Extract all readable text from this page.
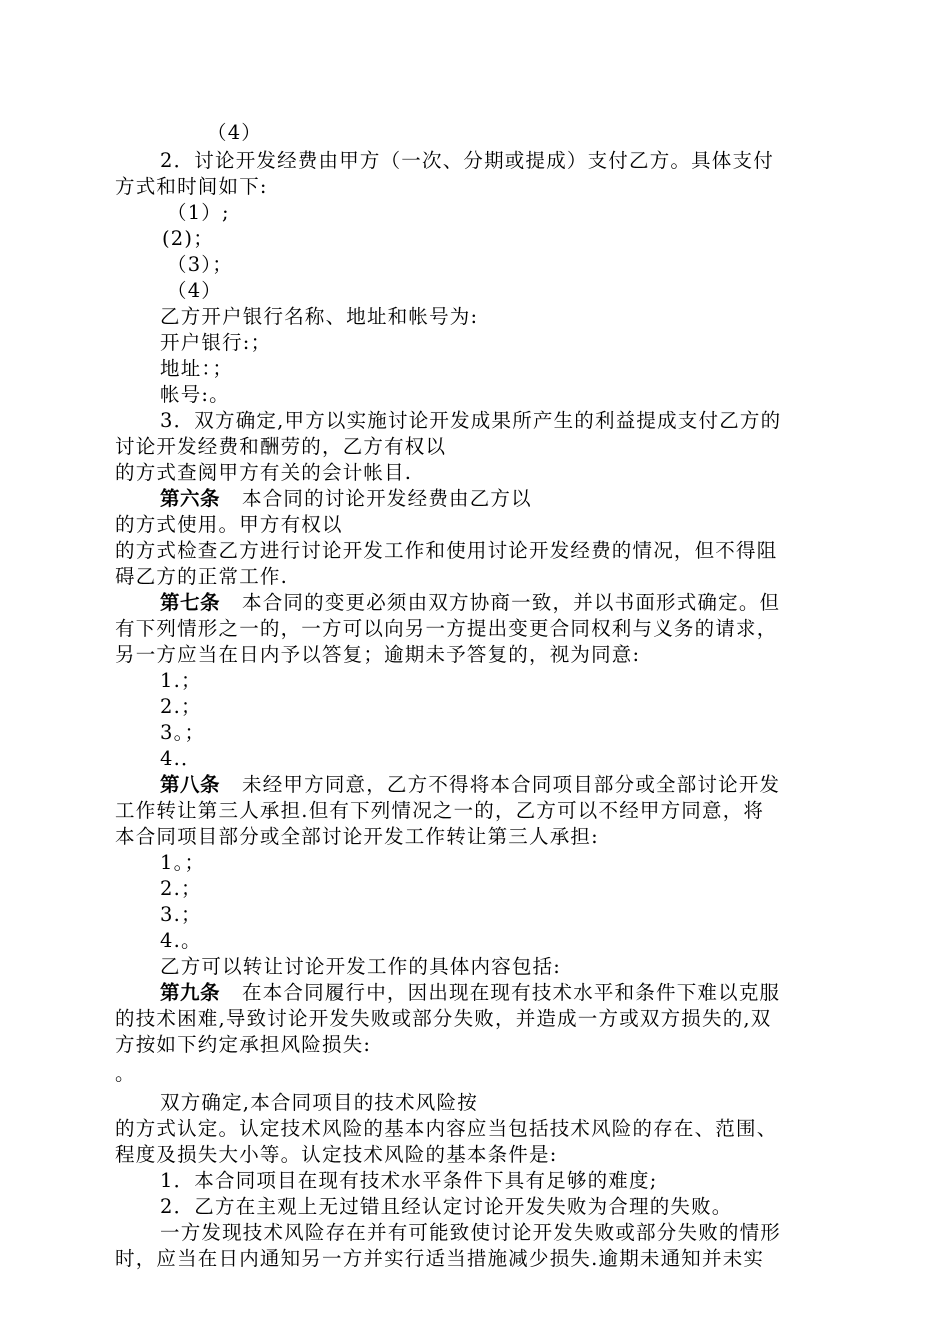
（4）
2．讨论开发经费由甲方（一次、分期或提成）支付乙方。具体支付
方式和时间如下:
（1）;
(2)；
（3）；
（4）
乙方开户银行名称、地址和帐号为:
开户银行:；
地址：；
帐号:。
3．双方确定,甲方以实施讨论开发成果所产生的利益提成支付乙方的
讨论开发经费和酬劳的，乙方有权以
的方式查阅甲方有关的会计帐目.
第六条 本合同的讨论开发经费由乙方以
的方式使用。甲方有权以
的方式检查乙方进行讨论开发工作和使用讨论开发经费的情况，但不得阻
碍乙方的正常工作.
第七条 本合同的变更必须由双方协商一致，并以书面形式确定。但
有下列情形之一的，一方可以向另一方提出变更合同权利与义务的请求，
另一方应当在日内予以答复；逾期未予答复的，视为同意:
1.；
2.；
3。；
4.．
第八条 未经甲方同意，乙方不得将本合同项目部分或全部讨论开发
工作转让第三人承担.但有下列情况之一的，乙方可以不经甲方同意，将
本合同项目部分或全部讨论开发工作转让第三人承担:
1。；
2.；
3.；
4.。
乙方可以转让讨论开发工作的具体内容包括:
第九条 在本合同履行中，因出现在现有技术水平和条件下难以克服
的技术困难,导致讨论开发失败或部分失败，并造成一方或双方损失的,双
方按如下约定承担风险损失:
。
双方确定,本合同项目的技术风险按
的方式认定。认定技术风险的基本内容应当包括技术风险的存在、范围、
程度及损失大小等。认定技术风险的基本条件是:
1．本合同项目在现有技术水平条件下具有足够的难度;
2．乙方在主观上无过错且经认定讨论开发失败为合理的失败。
一方发现技术风险存在并有可能致使讨论开发失败或部分失败的情形
时，应当在日内通知另一方并实行适当措施减少损失.逾期未通知并未实
